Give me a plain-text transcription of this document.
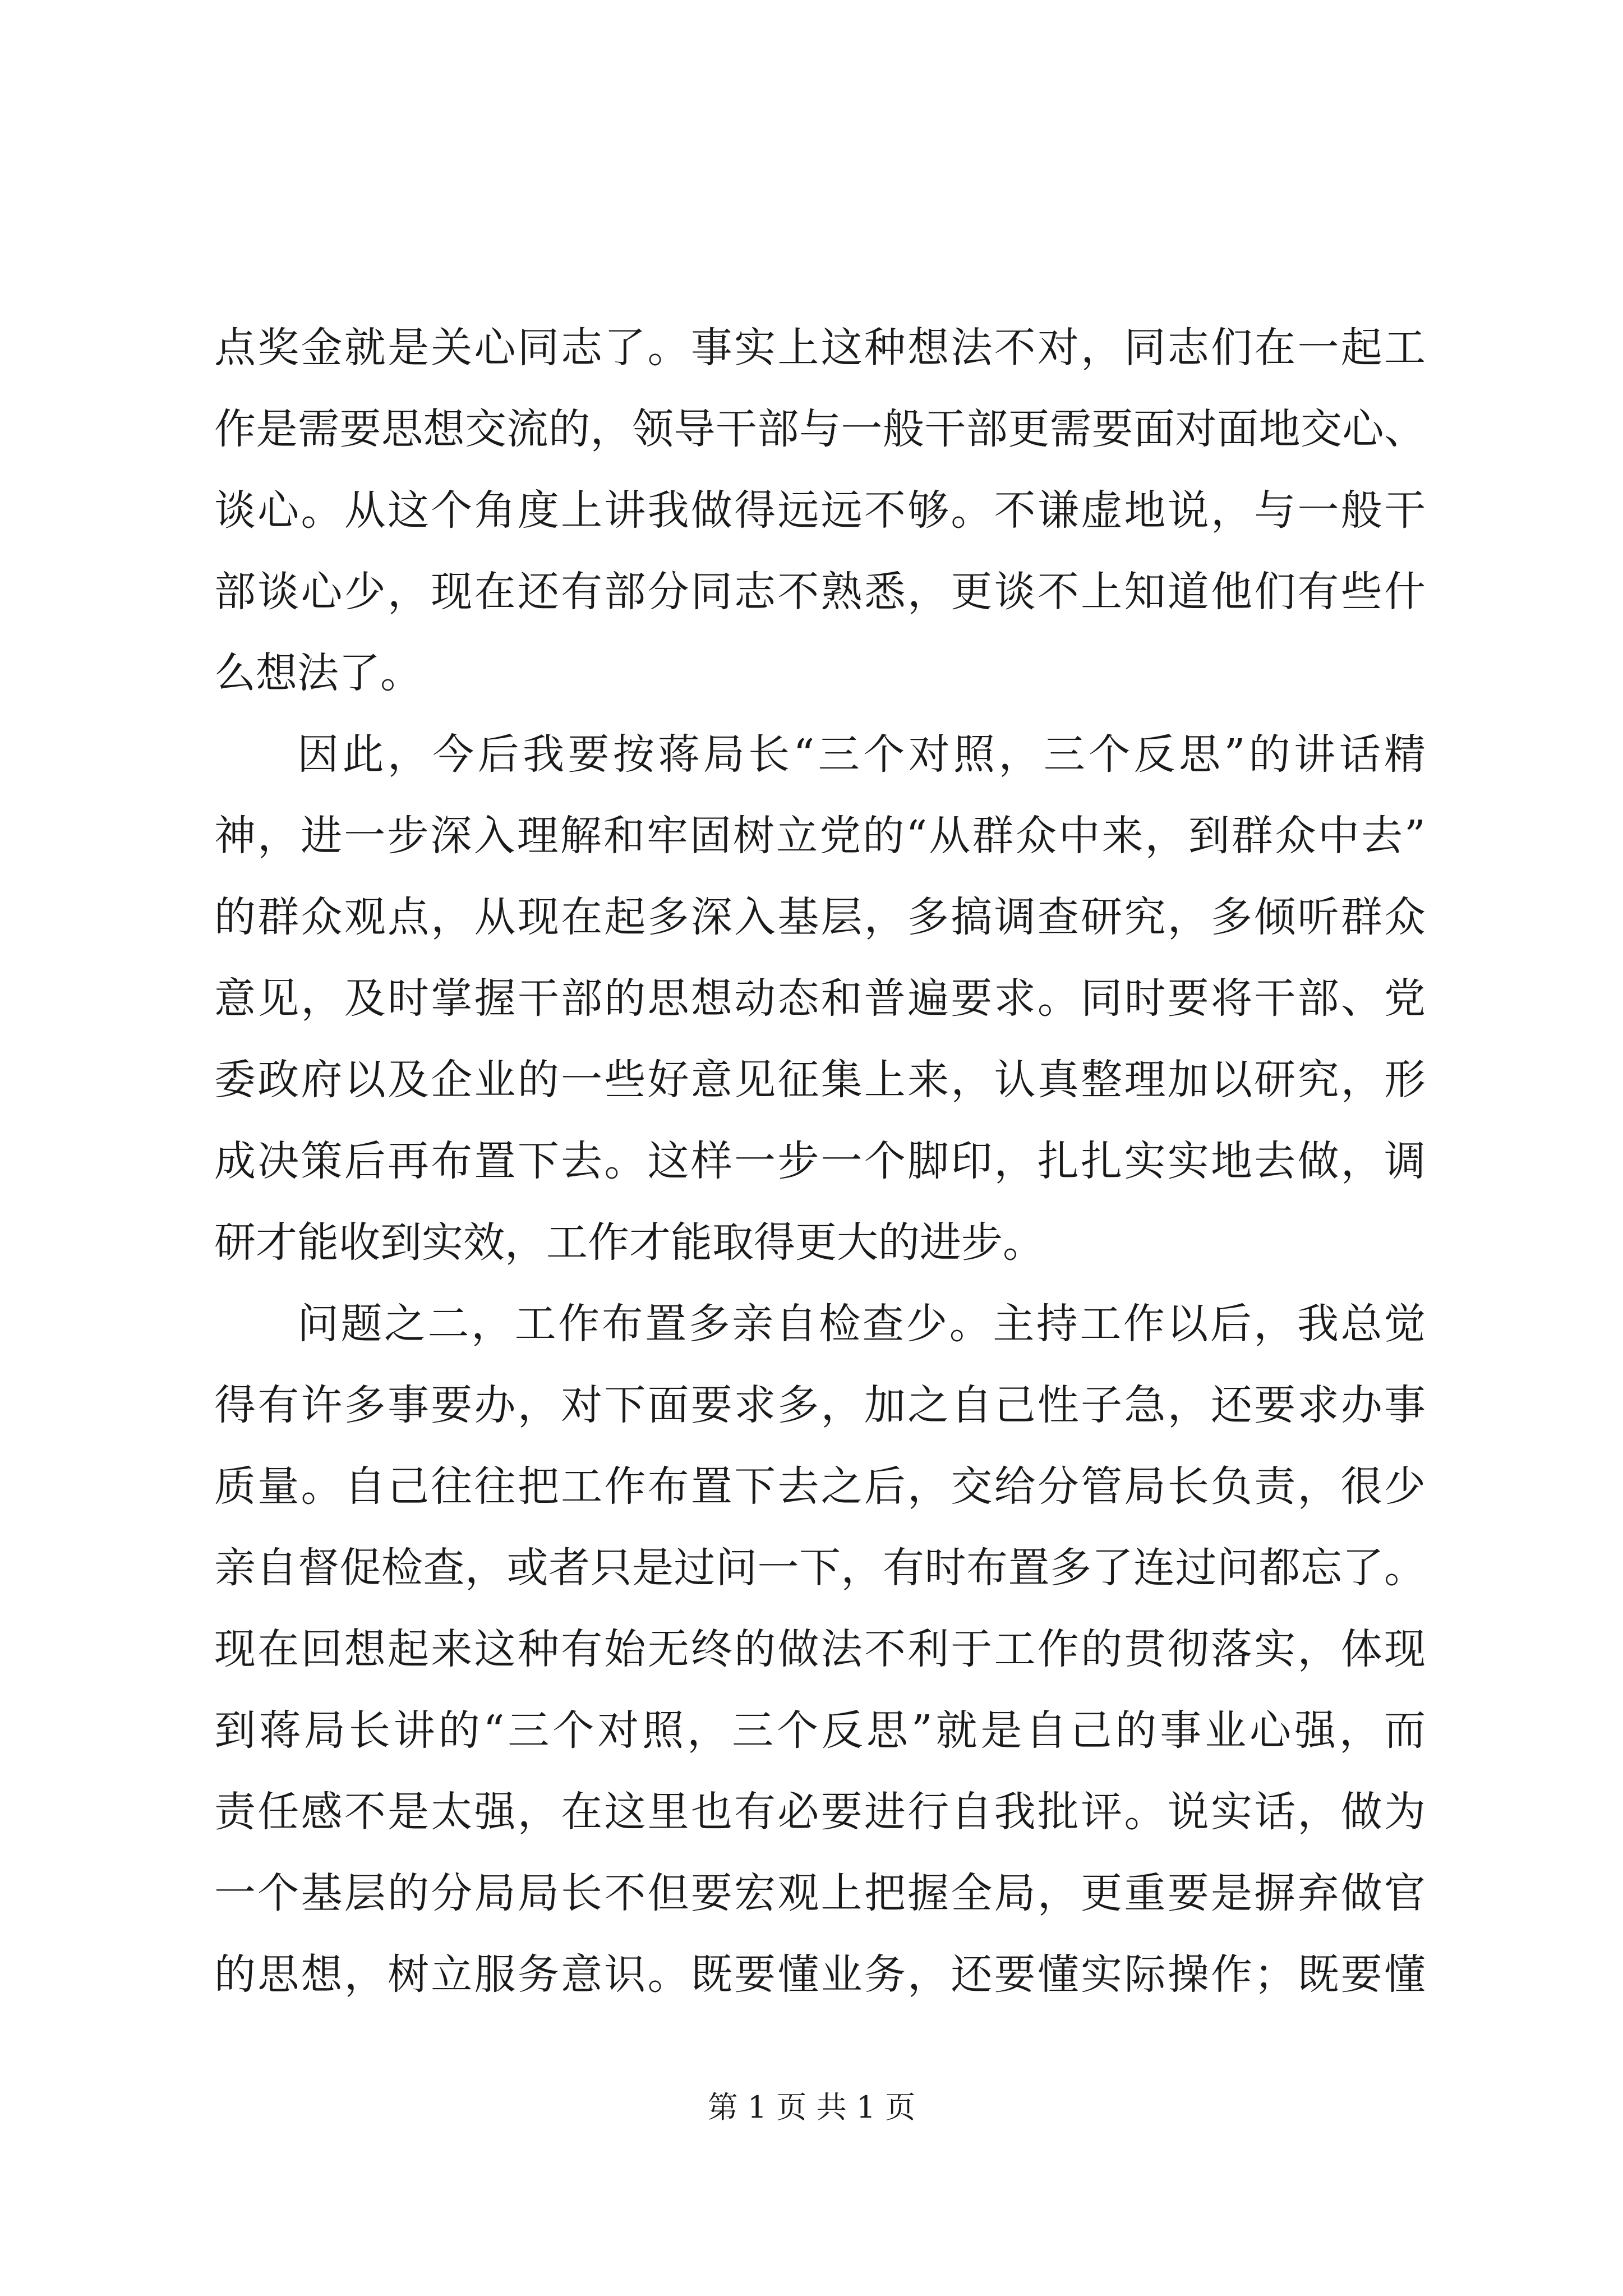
点奖金就是关心同志了。事实上这种想法不对，同志们在一起工
作是需要思想交流的，领导干部与一般干部更需要面对面地交心、
谈心。从这个角度上讲我做得远远不够。不谦虚地说，与一般干
部谈心少，现在还有部分同志不熟悉，更谈不上知道他们有些什
么想法了。
因此，今后我要按蒋局长“三个对照，三个反思”的讲话精
神，进一步深入理解和牢固树立党的“从群众中来，到群众中去”
的群众观点，从现在起多深入基层，多搞调查研究，多倾听群众
意见，及时掌握干部的思想动态和普遍要求。同时要将干部、党
委政府以及企业的一些好意见征集上来，认真整理加以研究，形
成决策后再布置下去。这样一步一个脚印，扎扎实实地去做，调
研才能收到实效，工作才能取得更大的进步。
问题之二，工作布置多亲自检查少。主持工作以后，我总觉
得有许多事要办，对下面要求多，加之自己性子急，还要求办事
质量。自己往往把工作布置下去之后，交给分管局长负责，很少
亲自督促检查，或者只是过问一下，有时布置多了连过问都忘了。
现在回想起来这种有始无终的做法不利于工作的贯彻落实，体现
到蒋局长讲的“三个对照，三个反思”就是自己的事业心强，而
责任感不是太强，在这里也有必要进行自我批评。说实话，做为
一个基层的分局局长不但要宏观上把握全局，更重要是摒弃做官
的思想，树立服务意识。既要懂业务，还要懂实际操作；既要懂
第 1 页 共 1 页
